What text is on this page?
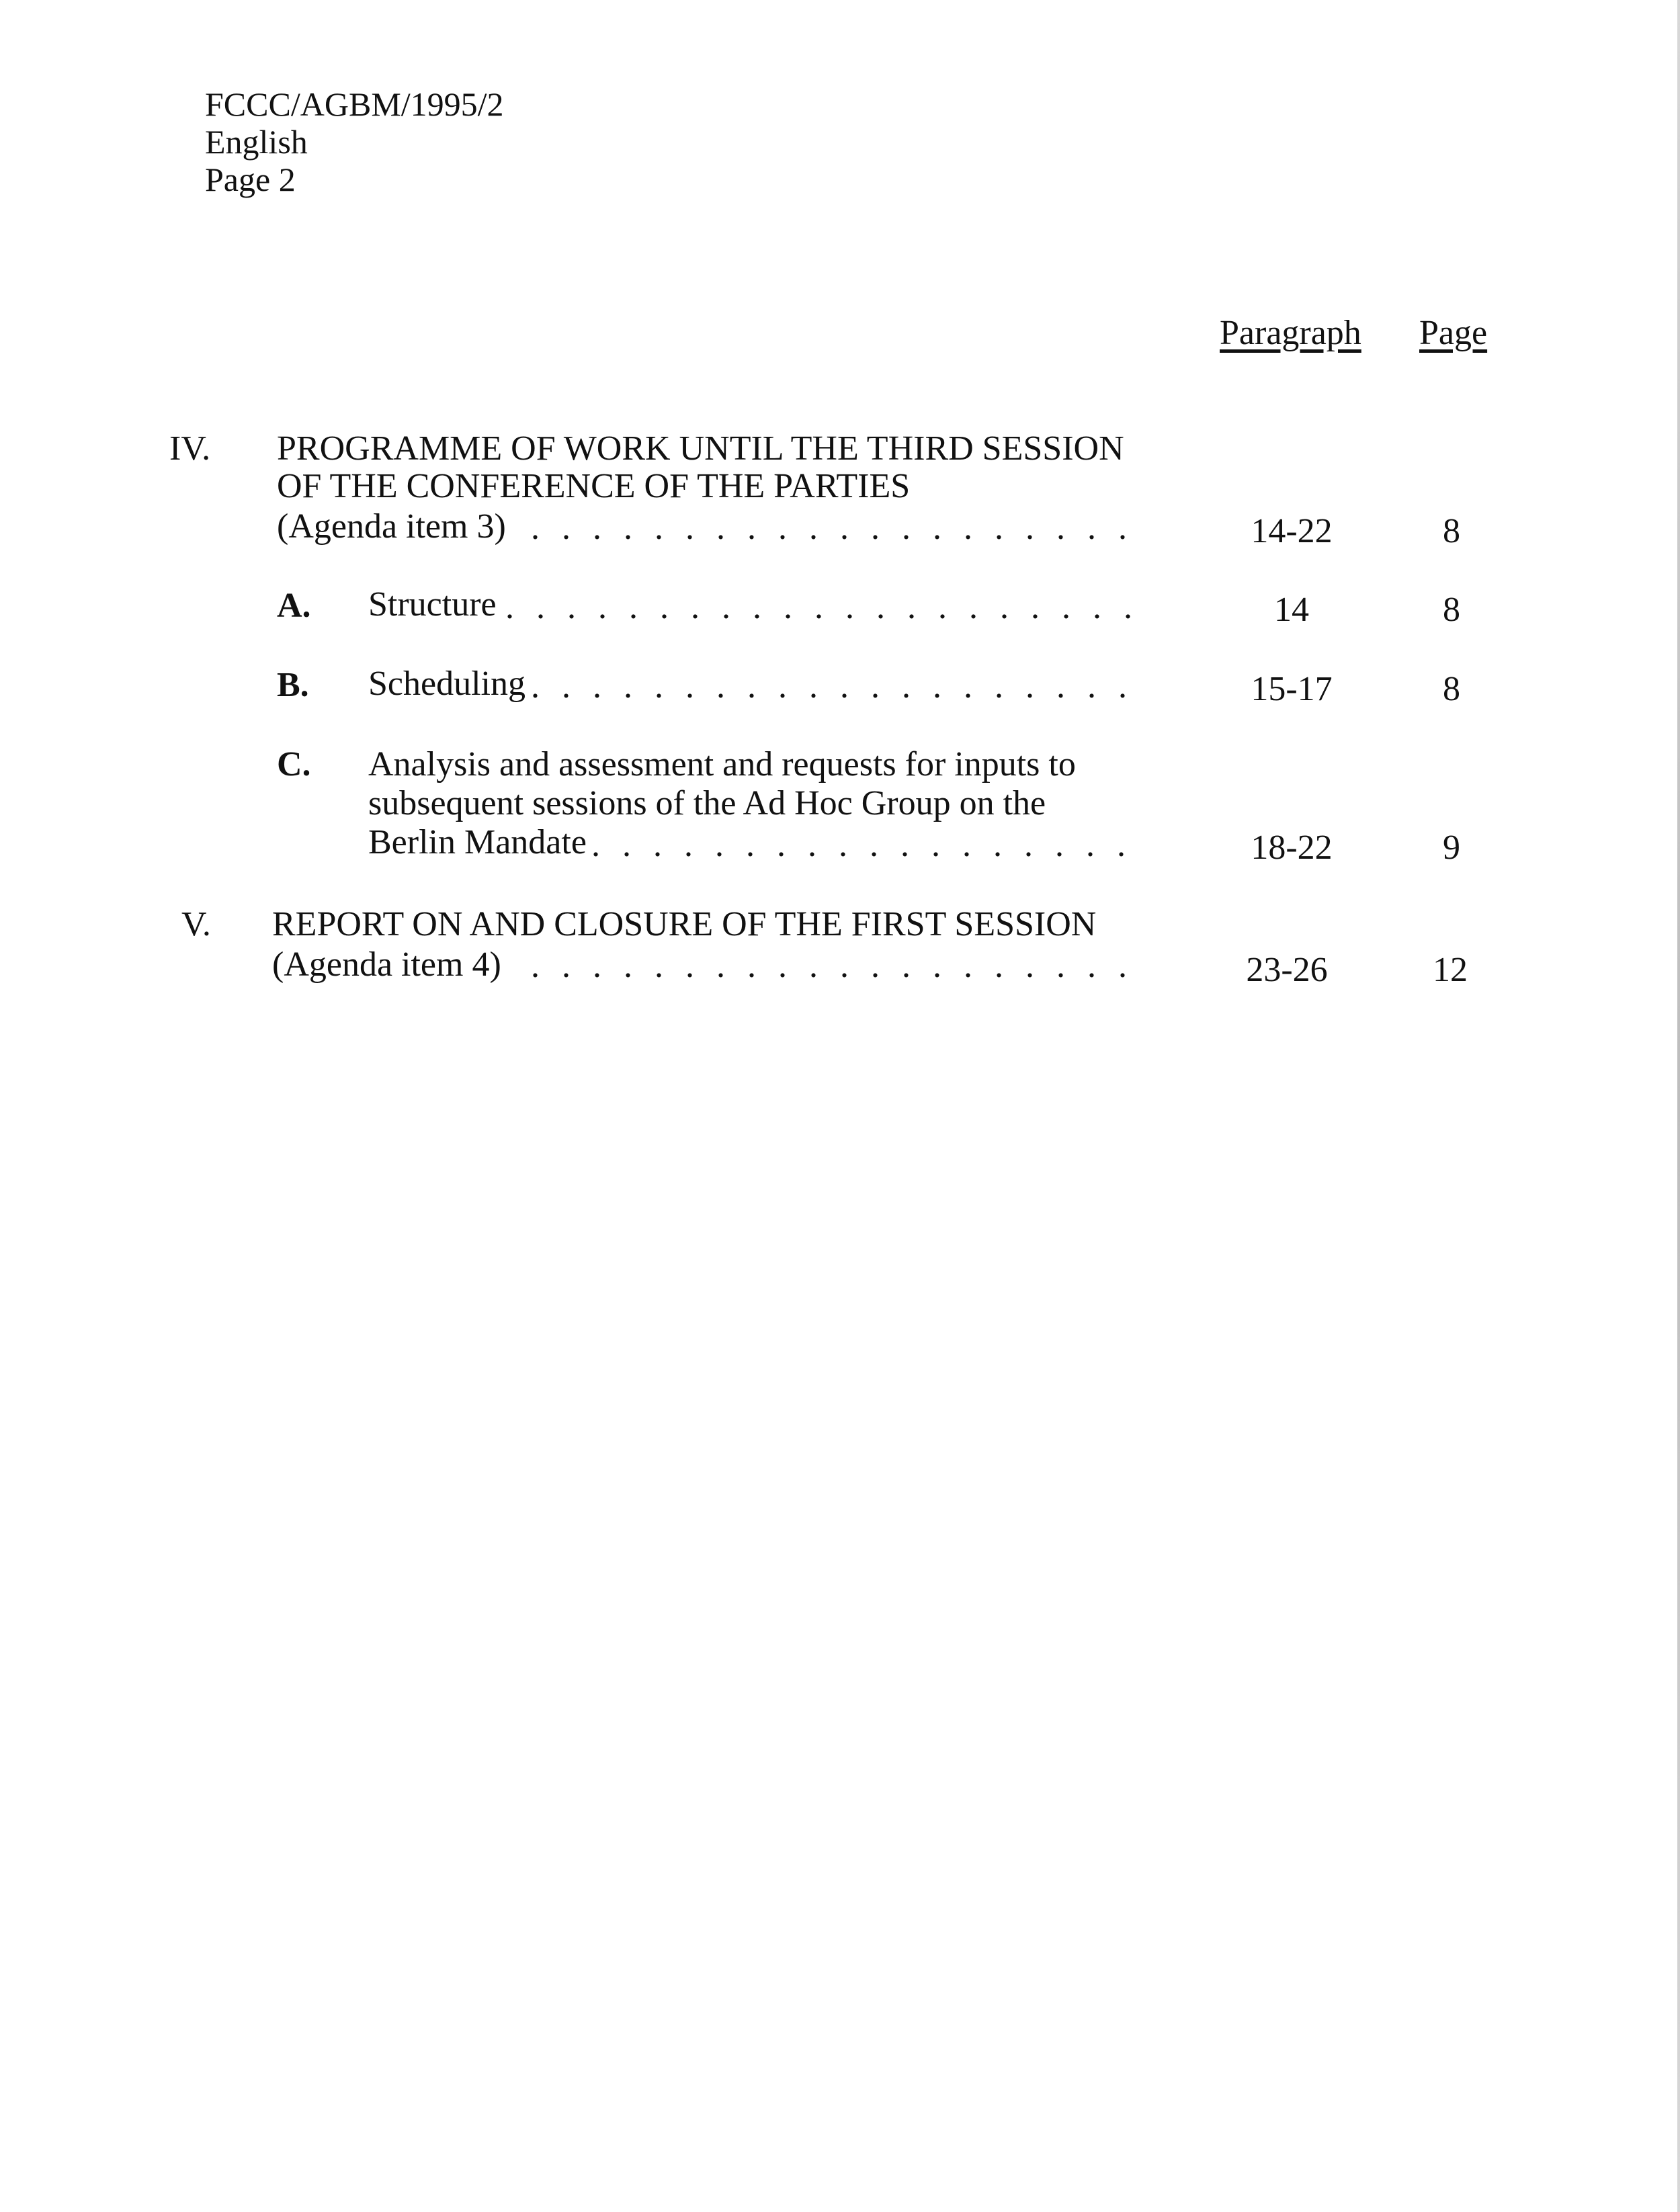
FCCC/AGBM/1995/2
English
Page 2
Paragraph Page
IV. PROGRAMME OF WORK UNTIL THE THIRD SESSION
OF THE CONFERENCE OF THE PARTIES
(Agenda item 3) . . .	14-22	8
A. Structure . . .	14	8
B. Scheduling . . .	15-17	8
C. Analysis and assessment and requests for inputs to
subsequent sessions of the Ad Hoc Group on the
Berlin Mandate . . .	18-22	9
V. REPORT ON AND CLOSURE OF THE FIRST SESSION
(Agenda item 4) . . .	23-26	12
